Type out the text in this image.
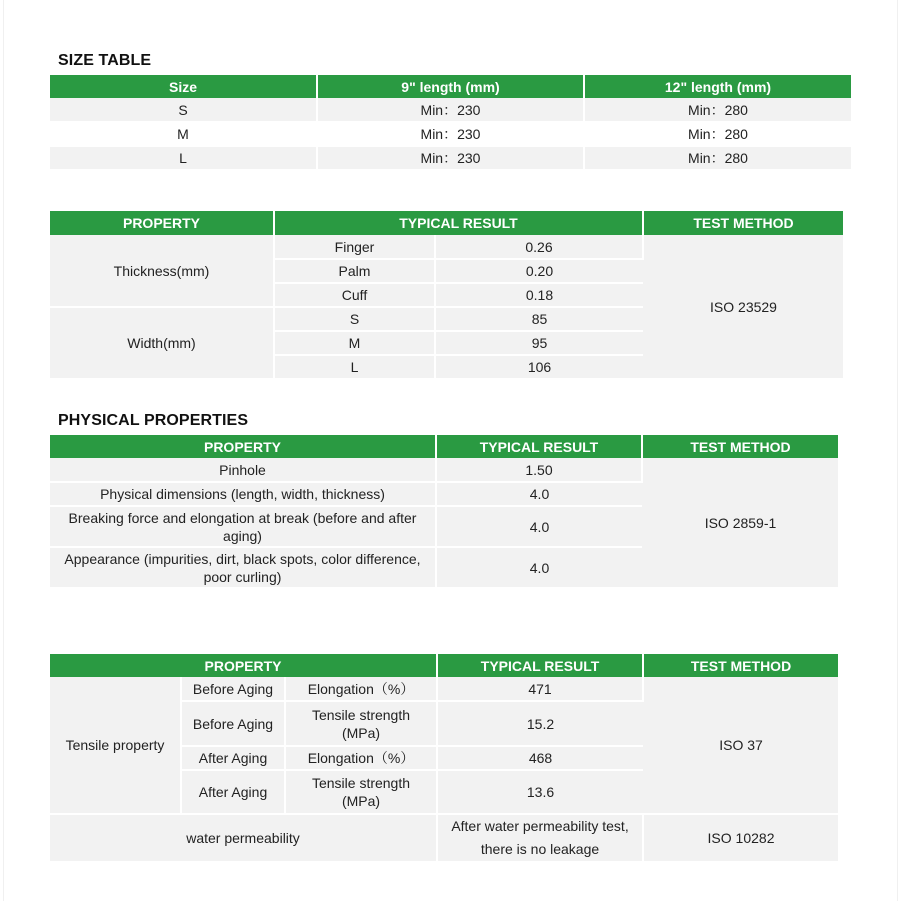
SIZE TABLE
Size	9" length (mm)	12" length (mm)
S	Min：230	Min：280
M	Min：230	Min：280
L	Min：230	Min：280
PROPERTY	TYPICAL RESULT		TEST METHOD
Thickness(mm)	Finger	0.26	ISO 23529
	Palm	0.20	
	Cuff	0.18	
Width(mm)	S	85	
	M	95	
	L	106	
PHYSICAL PROPERTIES
PROPERTY	TYPICAL RESULT	TEST METHOD
Pinhole	1.50	ISO 2859-1
Physical dimensions (length, width, thickness)	4.0	
Breaking force and elongation at break (before and after aging)	4.0	
Appearance (impurities, dirt, black spots, color difference, poor curling)	4.0	
PROPERTY			TYPICAL RESULT	TEST METHOD
Tensile property	Before Aging	Elongation（%）	471	ISO 37
	Before Aging	Tensile strength (MPa)	15.2	
	After Aging	Elongation（%）	468	
	After Aging	Tensile strength (MPa)	13.6	
water permeability			After water permeability test, there is no leakage	ISO 10282
